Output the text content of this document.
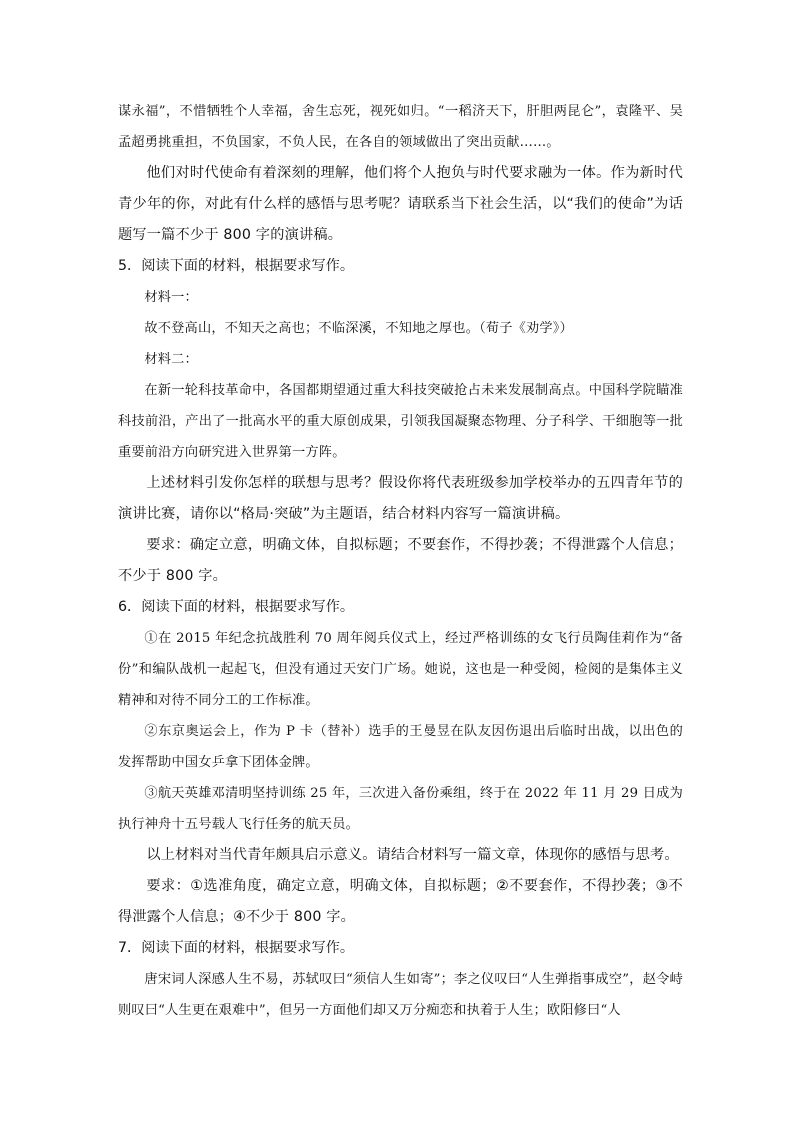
谋永福”，不惜牺牲个人幸福，舍生忘死，视死如归。“一稻济天下，肝胆两昆仑”，袁隆平、吴孟超勇挑重担，不负国家，不负人民，在各自的领域做出了突出贡献……。

他们对时代使命有着深刻的理解，他们将个人抱负与时代要求融为一体。作为新时代青少年的你，对此有什么样的感悟与思考呢？请联系当下社会生活，以“我们的使命”为话题写一篇不少于 800 字的演讲稿。

5．阅读下面的材料，根据要求写作。

材料一：

故不登高山，不知天之高也；不临深溪，不知地之厚也。（荀子《劝学》）

材料二：

在新一轮科技革命中，各国都期望通过重大科技突破抢占未来发展制高点。中国科学院瞄准科技前沿，产出了一批高水平的重大原创成果，引领我国凝聚态物理、分子科学、干细胞等一批重要前沿方向研究进入世界第一方阵。

上述材料引发你怎样的联想与思考？假设你将代表班级参加学校举办的五四青年节的演讲比赛，请你以“格局·突破”为主题语，结合材料内容写一篇演讲稿。

要求：确定立意，明确文体，自拟标题；不要套作，不得抄袭；不得泄露个人信息；不少于 800 字。

6．阅读下面的材料，根据要求写作。

①在 2015 年纪念抗战胜利 70 周年阅兵仪式上，经过严格训练的女飞行员陶佳莉作为“备份”和编队战机一起起飞，但没有通过天安门广场。她说，这也是一种受阅，检阅的是集体主义精神和对待不同分工的工作标准。

②东京奥运会上，作为 P 卡（替补）选手的王曼昱在队友因伤退出后临时出战，以出色的发挥帮助中国女乒拿下团体金牌。

③航天英雄邓清明坚持训练 25 年，三次进入备份乘组，终于在 2022 年 11 月 29 日成为执行神舟十五号载人飞行任务的航天员。

以上材料对当代青年颇具启示意义。请结合材料写一篇文章，体现你的感悟与思考。

要求：①选准角度，确定立意，明确文体，自拟标题；②不要套作，不得抄袭；③不得泄露个人信息；④不少于 800 字。

7．阅读下面的材料，根据要求写作。

唐宋词人深感人生不易，苏轼叹曰“须信人生如寄”；李之仪叹曰“人生弹指事成空”，赵令峙则叹曰“人生更在艰难中”，但另一方面他们却又万分痴恋和执着于人生；欧阳修曰“人
